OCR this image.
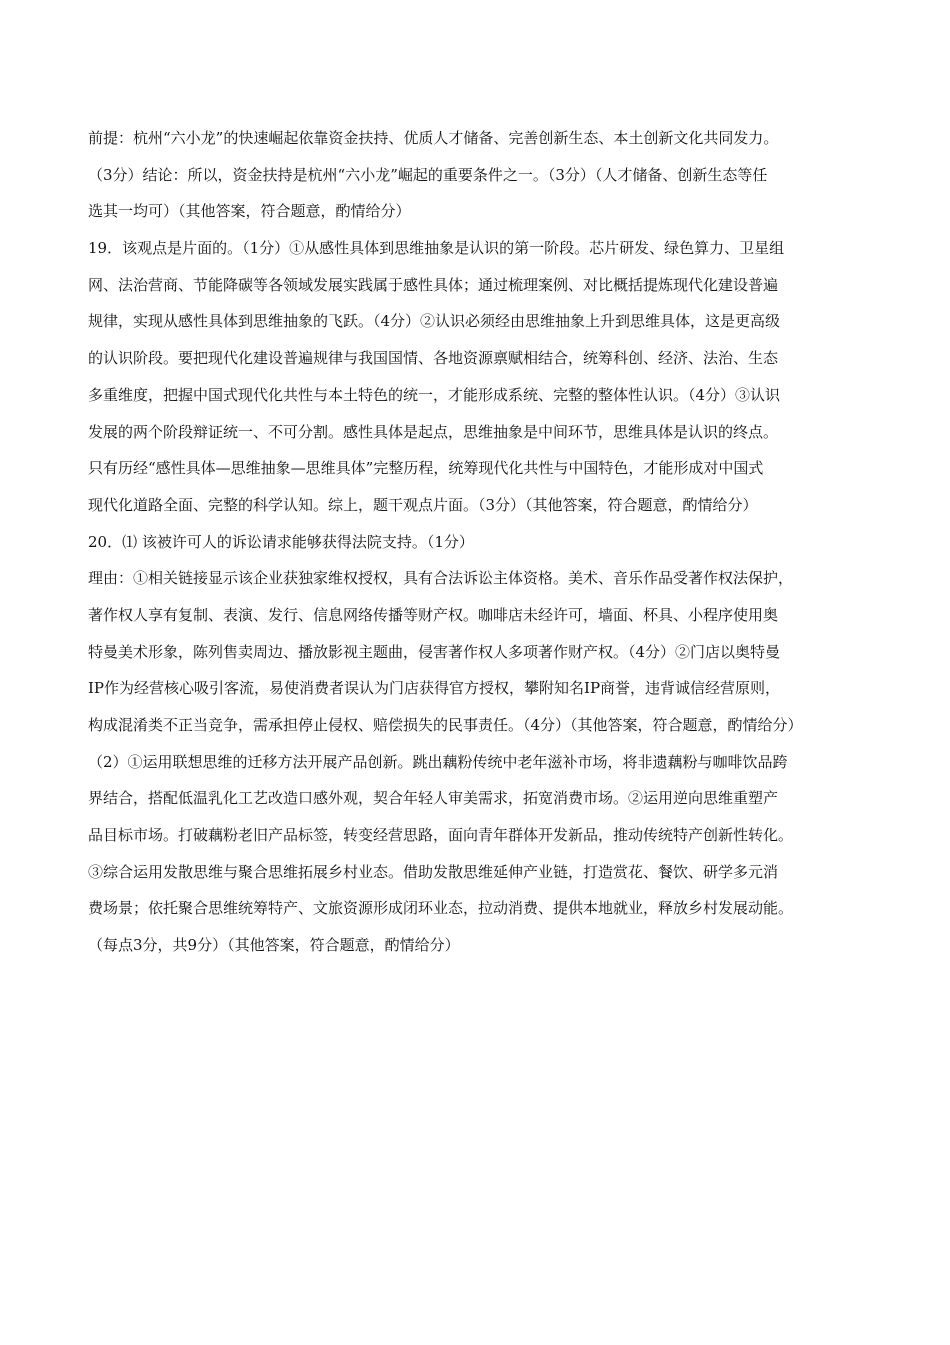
前提：杭州“六小龙”的快速崛起依靠资金扶持、优质人才储备、完善创新生态、本土创新文化共同发力。
（3分）结论：所以，资金扶持是杭州“六小龙”崛起的重要条件之一。（3分）（人才储备、创新生态等任
选其一均可）（其他答案，符合题意，酌情给分）
19．该观点是片面的。（1分）①从感性具体到思维抽象是认识的第一阶段。芯片研发、绿色算力、卫星组
网、法治营商、节能降碳等各领域发展实践属于感性具体；通过梳理案例、对比概括提炼现代化建设普遍
规律，实现从感性具体到思维抽象的飞跃。（4分）②认识必须经由思维抽象上升到思维具体，这是更高级
的认识阶段。要把现代化建设普遍规律与我国国情、各地资源禀赋相结合，统筹科创、经济、法治、生态
多重维度，把握中国式现代化共性与本土特色的统一，才能形成系统、完整的整体性认识。（4分）③认识
发展的两个阶段辩证统一、不可分割。感性具体是起点，思维抽象是中间环节，思维具体是认识的终点。
只有历经“感性具体—思维抽象—思维具体”完整历程，统筹现代化共性与中国特色，才能形成对中国式
现代化道路全面、完整的科学认知。综上，题干观点片面。（3分）（其他答案，符合题意，酌情给分）
20．⑴ 该被许可人的诉讼请求能够获得法院支持。（1分）
理由：①相关链接显示该企业获独家维权授权，具有合法诉讼主体资格。美术、音乐作品受著作权法保护，
著作权人享有复制、表演、发行、信息网络传播等财产权。咖啡店未经许可，墙面、杯具、小程序使用奥
特曼美术形象，陈列售卖周边、播放影视主题曲，侵害著作权人多项著作财产权。（4分）②门店以奥特曼
IP作为经营核心吸引客流，易使消费者误认为门店获得官方授权，攀附知名IP商誉，违背诚信经营原则，
构成混淆类不正当竞争，需承担停止侵权、赔偿损失的民事责任。（4分）（其他答案，符合题意，酌情给分）
（2）①运用联想思维的迁移方法开展产品创新。跳出藕粉传统中老年滋补市场，将非遗藕粉与咖啡饮品跨
界结合，搭配低温乳化工艺改造口感外观，契合年轻人审美需求，拓宽消费市场。②运用逆向思维重塑产
品目标市场。打破藕粉老旧产品标签，转变经营思路，面向青年群体开发新品，推动传统特产创新性转化。
③综合运用发散思维与聚合思维拓展乡村业态。借助发散思维延伸产业链，打造赏花、餐饮、研学多元消
费场景；依托聚合思维统筹特产、文旅资源形成闭环业态，拉动消费、提供本地就业，释放乡村发展动能。
（每点3分，共9分）（其他答案，符合题意，酌情给分）
